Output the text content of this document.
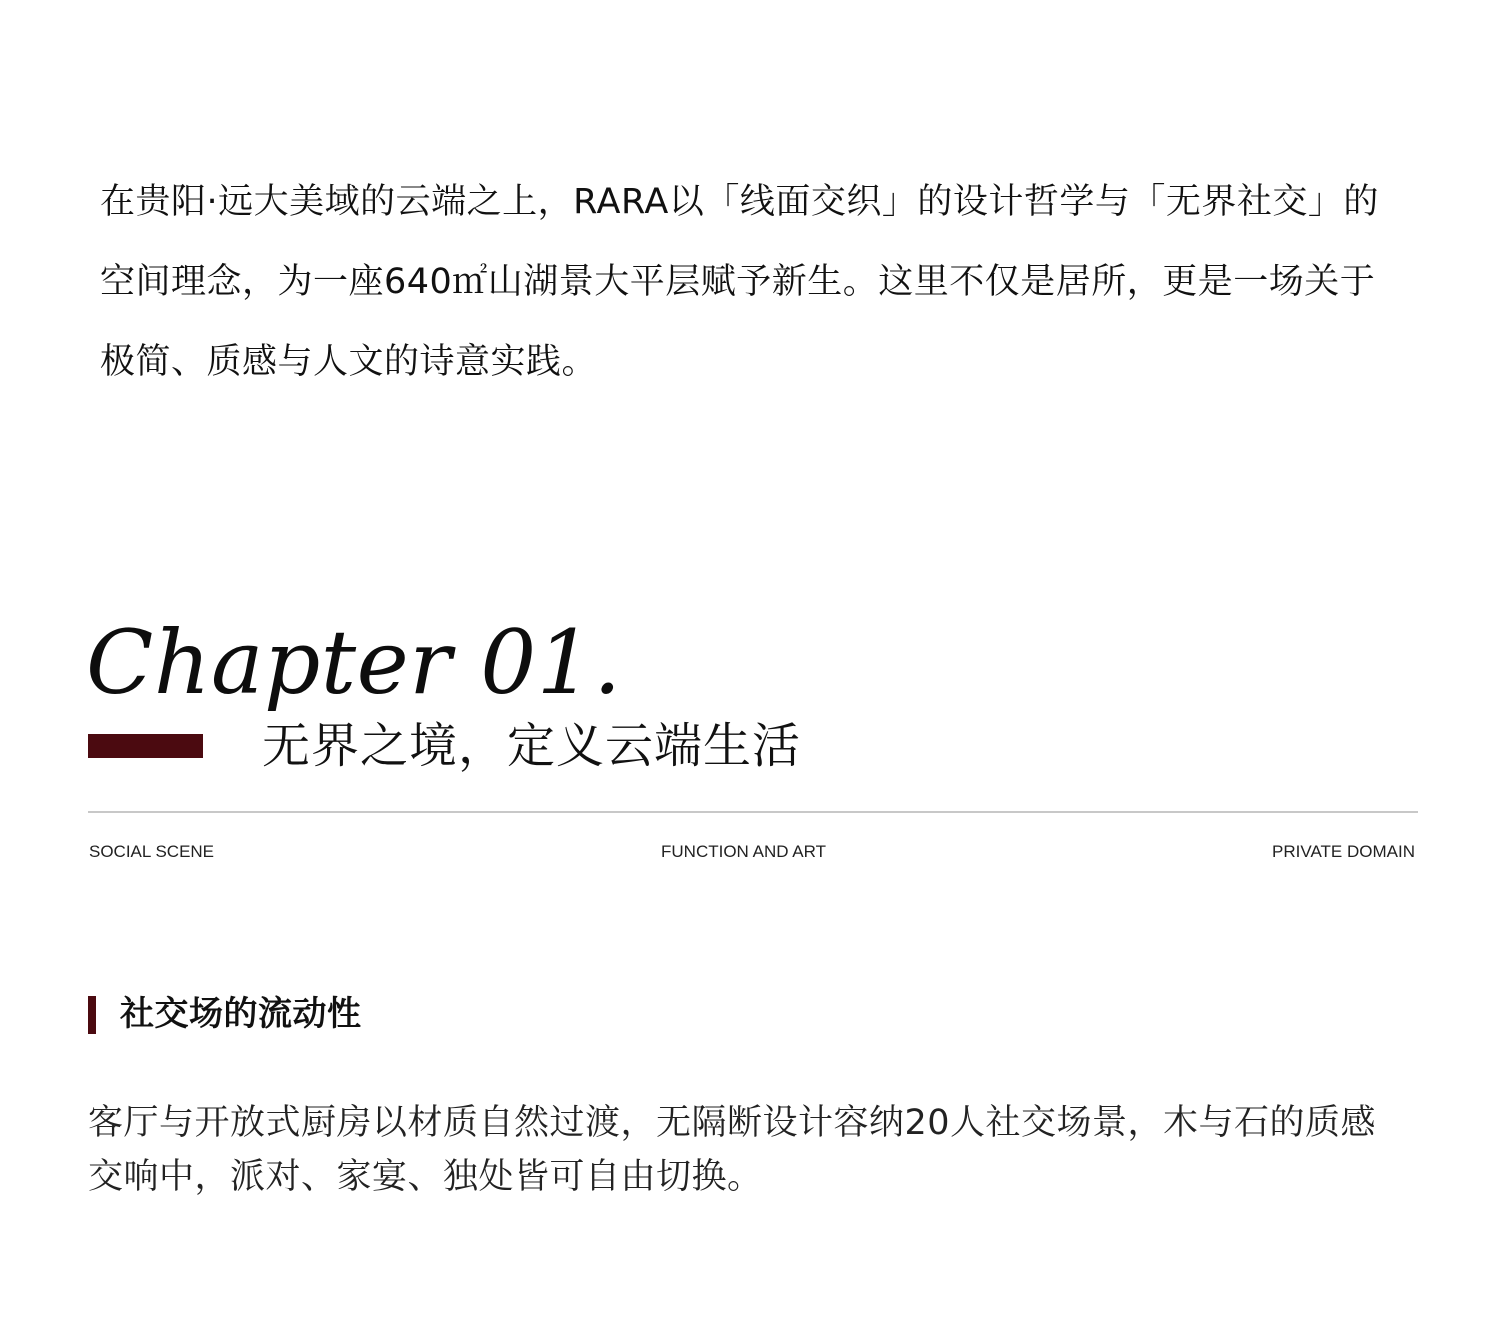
在贵阳·远大美域的云端之上，RARA以「线面交织」的设计哲学与「无界社交」的空间理念，为一座640㎡山湖景大平层赋予新生。这里不仅是居所，更是一场关于极简、质感与人文的诗意实践。

Chapter 01.
无界之境，定义云端生活
SOCIAL SCENE	FUNCTION AND ART	PRIVATE DOMAIN
社交场的流动性

客厅与开放式厨房以材质自然过渡，无隔断设计容纳20人社交场景，木与石的质感交响中，派对、家宴、独处皆可自由切换。
